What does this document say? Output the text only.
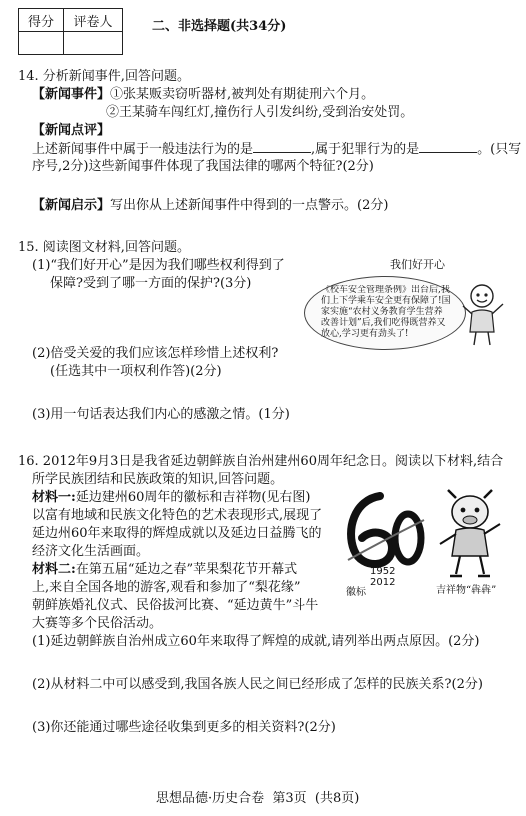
得分	评卷人
		二、非选择题(共34分)
14. 分析新闻事件,回答问题。
【新闻事件】①张某贩卖窃听器材,被判处有期徒刑六个月。
②王某骑车闯红灯,撞伤行人引发纠纷,受到治安处罚。
【新闻点评】
上述新闻事件中属于一般违法行为的是	,属于犯罪行为的是	。(只写
序号,2分)这些新闻事件体现了我国法律的哪两个特征?(2分)
【新闻启示】写出你从上述新闻事件中得到的一点警示。(2分)
15. 阅读图文材料,回答问题。
(1)“我们好开心”是因为我们哪些权利得到了
保障?受到了哪一方面的保护?(3分)
我们好开心
《校车安全管理条例》出台后,我们上下学乘车安全更有保障了!国家实施“农村义务教育学生营养改善计划”后,我们吃得既营养又放心,学习更有劲头了!
(2)倍受关爱的我们应该怎样珍惜上述权利?
(任选其中一项权利作答)(2分)
(3)用一句话表达我们内心的感激之情。(1分)
16. 2012年9月3日是我省延边朝鲜族自治州建州60周年纪念日。阅读以下材料,结合
所学民族团结和民族政策的知识,回答问题。
材料一:延边建州60周年的徽标和吉祥物(见右图)
以富有地域和民族文化特色的艺术表现形式,展现了
延边州60年来取得的辉煌成就以及延边日益腾飞的
经济文化生活画面。
材料二:在第五届“延边之春”苹果梨花节开幕式
上,来自全国各地的游客,观看和参加了“梨花缘”
朝鲜族婚礼仪式、民俗拔河比赛、“延边黄牛”斗牛
大赛等多个民俗活动。
1952
2012
徽标	吉祥物“犇犇”
(1)延边朝鲜族自治州成立60年来取得了辉煌的成就,请列举出两点原因。(2分)
(2)从材料二中可以感受到,我国各族人民之间已经形成了怎样的民族关系?(2分)
(3)你还能通过哪些途径收集到更多的相关资料?(2分)
思想品德·历史合卷  第3页  (共8页)
